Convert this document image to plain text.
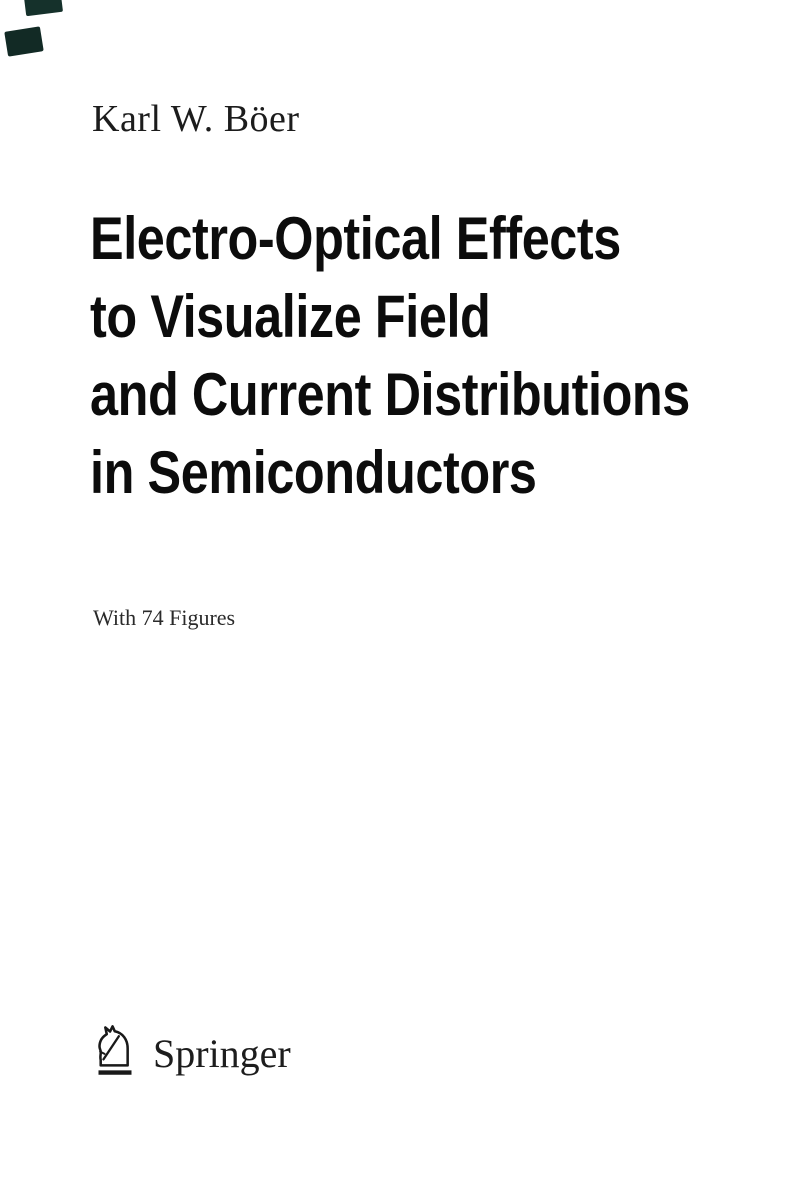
Karl W. Böer
Electro-Optical Effects
to Visualize Field
and Current Distributions
in Semiconductors
With 74 Figures
Springer
